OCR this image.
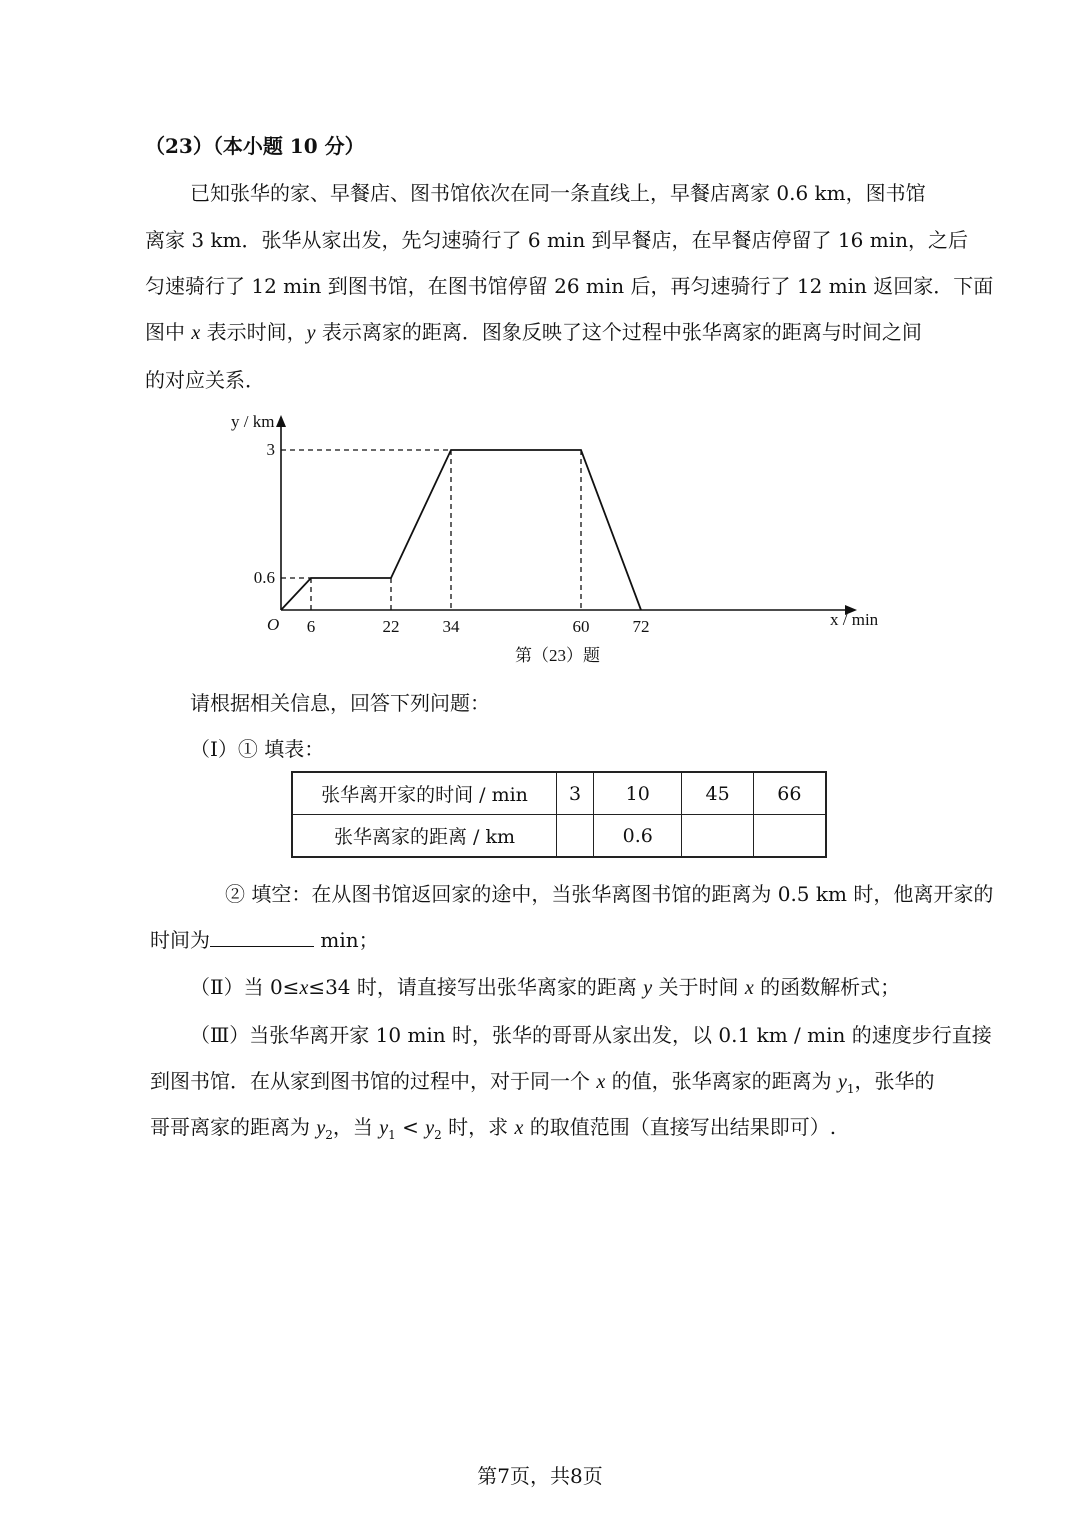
（23）（本小题 10 分）
已知张华的家、早餐店、图书馆依次在同一条直线上，早餐店离家 0.6 km，图书馆
离家 3 km．张华从家出发，先匀速骑行了 6 min 到早餐店，在早餐店停留了 16 min，之后
匀速骑行了 12 min 到图书馆，在图书馆停留 26 min 后，再匀速骑行了 12 min 返回家．下面
图中 x 表示时间，y 表示离家的距离．图象反映了这个过程中张华离家的距离与时间之间
的对应关系．
6	22	34	60	72
0.6
3
O
y / km
x / min
第（23）题
请根据相关信息，回答下列问题：
（Ⅰ）① 填表：
张华离开家的时间 / min	3	10	45	66
张华离家的距离 / km		0.6		
② 填空：在从图书馆返回家的途中，当张华离图书馆的距离为 0.5 km 时，他离开家的
时间为	min；
（Ⅱ）当 0≤x≤34 时，请直接写出张华离家的距离 y 关于时间 x 的函数解析式；
（Ⅲ）当张华离开家 10 min 时，张华的哥哥从家出发，以 0.1 km / min 的速度步行直接
到图书馆．在从家到图书馆的过程中，对于同一个 x 的值，张华离家的距离为 $y_1$，张华的
哥哥离家的距离为 $y_2$，当 $y_1 < y_2$ 时，求 x 的取值范围（直接写出结果即可）.
第7页，共8页
